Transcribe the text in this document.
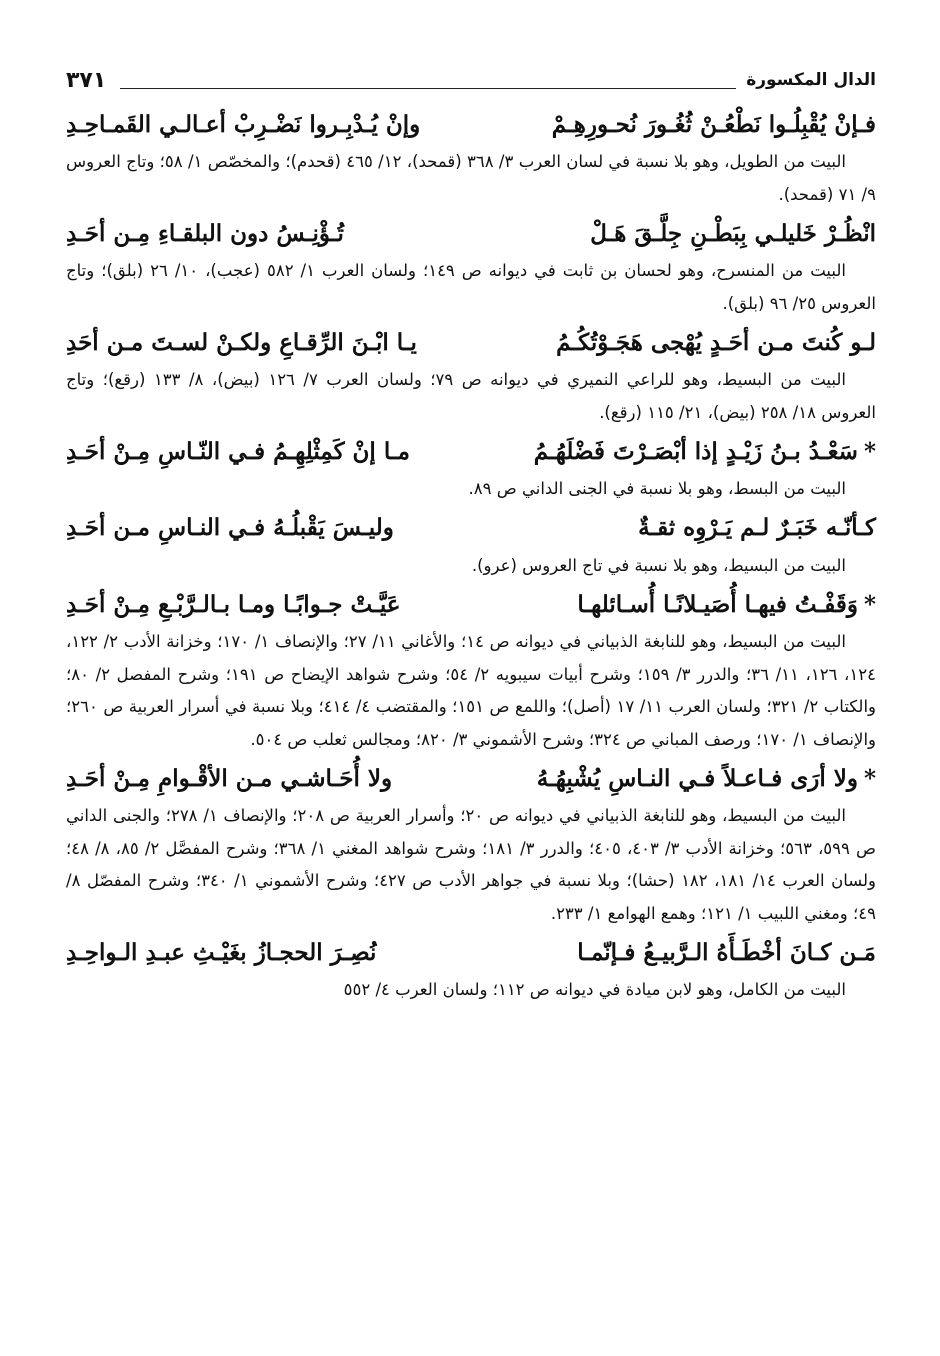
الدال المكسورة
٣٧١
فـإنْ يُقْبِلُـوا نَطْعُـنْ ثُغُـورَ نُحـورِهِـمْ
وإنْ يُـدْبِـروا نَضْـرِبْ أعـالـي القَمـاحِـدِ

البيت من الطويل، وهو بلا نسبة في لسان العرب ٣/ ٣٦٨ (قمحد)، ١٢/ ٤٦٥ (قحدم)؛ والمخصّص ١/ ٥٨؛ وتاج العروس ٩/ ٧١ (قمحد).

انْظُـرْ خَليلـي بِبَطْـنِ جِلَّـقَ هَـلْ
تُـؤْنِـسُ دون البلقـاءِ مِـن أحَـدِ

البيت من المنسرح، وهو لحسان بن ثابت في ديوانه ص ١٤٩؛ ولسان العرب ١/ ٥٨٢ (عجب)، ١٠/ ٢٦ (بلق)؛ وتاج العروس ٢٥/ ٩٦ (بلق).

لـو كُنتَ مـن أحَـدٍ يُهْجى هَجَـوْتُكُـمُ
يـا ابْـنَ الرِّقـاعِ ولكـنْ لسـتَ مـن أحَدِ

البيت من البسيط، وهو للراعي النميري في ديوانه ص ٧٩؛ ولسان العرب ٧/ ١٢٦ (بيض)، ٨/ ١٣٣ (رقع)؛ وتاج العروس ١٨/ ٢٥٨ (بيض)، ٢١/ ١١٥ (رقع).

*
سَعْـدُ بـنُ زَيْـدٍ إذا أبْصَـرْتَ فَضْلَهُـمُ
مـا إنْ كَمِثْلِهِـمُ فـي النّـاسِ مِـنْ أحَـدِ

البيت من البسط، وهو بلا نسبة في الجنى الداني ص ٨٩.

كـأنّـه خَبَـرٌ لـم يَـرْوِه ثقـةٌ
وليـسَ يَقْبلُـهُ فـي النـاسِ مـن أحَـدِ

البيت من البسيط، وهو بلا نسبة في تاج العروس (عرو).

*
وَقَفْـتُ فيهـا أُصَيـلانًـا أُسـائلهـا
عَيَّـتْ جـوابًـا ومـا بـالـرَّبْـعِ مِـنْ أحَـدِ

البيت من البسيط، وهو للنابغة الذبياني في ديوانه ص ١٤؛ والأغاني ١١/ ٢٧؛ والإنصاف ١/ ١٧٠؛ وخزانة الأدب ٢/ ١٢٢، ١٢٤، ١٢٦، ١١/ ٣٦؛ والدرر ٣/ ١٥٩؛ وشرح أبيات سيبويه ٢/ ٥٤؛ وشرح شواهد الإيضاح ص ١٩١؛ وشرح المفصل ٢/ ٨٠؛ والكتاب ٢/ ٣٢١؛ ولسان العرب ١١/ ١٧ (أصل)؛ واللمع ص ١٥١؛ والمقتضب ٤/ ٤١٤؛ وبلا نسبة في أسرار العربية ص ٢٦٠؛ والإنصاف ١/ ١٧٠؛ ورصف المباني ص ٣٢٤؛ وشرح الأشموني ٣/ ٨٢٠؛ ومجالس ثعلب ص ٥٠٤.

*
ولا أرَى فـاعـلاً فـي النـاسِ يُشْبِهُـهُ
ولا أُحَـاشـي مـن الأقْـوامِ مِـنْ أحَـدِ

البيت من البسيط، وهو للنابغة الذبياني في ديوانه ص ٢٠؛ وأسرار العربية ص ٢٠٨؛ والإنصاف ١/ ٢٧٨؛ والجنى الداني ص ٥٩٩، ٥٦٣؛ وخزانة الأدب ٣/ ٤٠٣، ٤٠٥؛ والدرر ٣/ ١٨١؛ وشرح شواهد المغني ١/ ٣٦٨؛ وشرح المفصَّل ٢/ ٨٥، ٨/ ٤٨؛ ولسان العرب ١٤/ ١٨١، ١٨٢ (حشا)؛ وبلا نسبة في جواهر الأدب ص ٤٢٧؛ وشرح الأشموني ١/ ٣٤٠؛ وشرح المفصّل ٨/ ٤٩؛ ومغني اللبيب ١/ ١٢١؛ وهمع الهوامع ١/ ٢٣٣.

مَـن كـانَ أخْطَـأَهُ الـرَّبيـعُ فـإنّمـا
نُصِـرَ الحجـازُ بغَيْـثِ عبـدِ الـواحِـدِ

البيت من الكامل، وهو لابن ميادة في ديوانه ص ١١٢؛ ولسان العرب ٤/ ٥٥٢
